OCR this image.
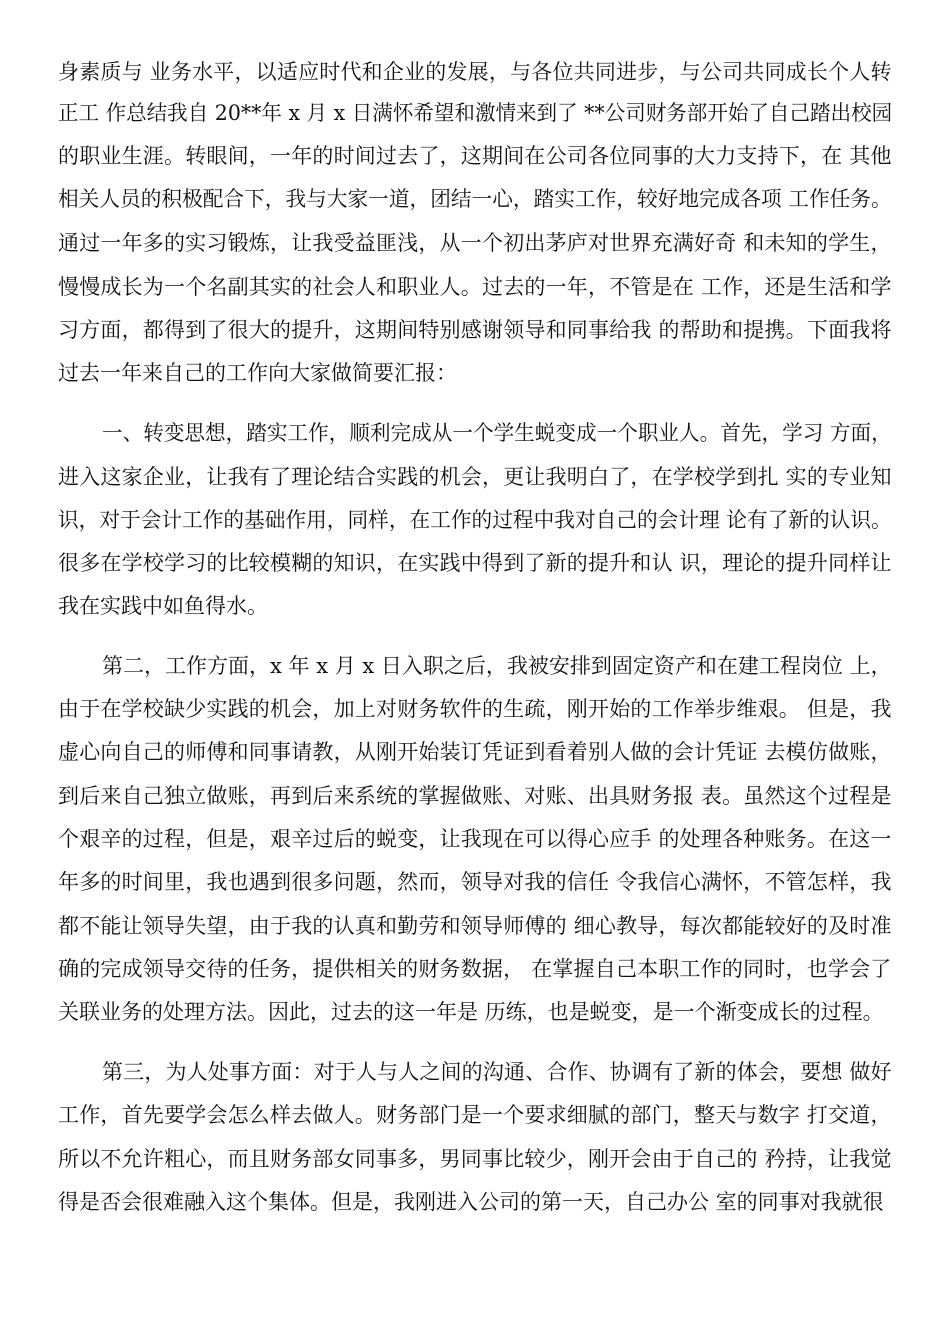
身素质与 业务水平，以适应时代和企业的发展，与各位共同进步，与公司共同成长个人转
正工 作总结我自 20**年 x 月 x 日满怀希望和激情来到了 **公司财务部开始了自己踏出校园
的职业生涯。转眼间，一年的时间过去了，这期间在公司各位同事的大力支持下，在 其他
相关人员的积极配合下，我与大家一道，团结一心，踏实工作，较好地完成各项 工作任务。
通过一年多的实习锻炼，让我受益匪浅，从一个初出茅庐对世界充满好奇 和未知的学生，
慢慢成长为一个名副其实的社会人和职业人。过去的一年，不管是在 工作，还是生活和学
习方面，都得到了很大的提升，这期间特别感谢领导和同事给我 的帮助和提携。下面我将
过去一年来自己的工作向大家做简要汇报：
一、转变思想，踏实工作，顺利完成从一个学生蜕变成一个职业人。首先，学习 方面，
进入这家企业，让我有了理论结合实践的机会，更让我明白了，在学校学到扎 实的专业知
识，对于会计工作的基础作用，同样，在工作的过程中我对自己的会计理 论有了新的认识。
很多在学校学习的比较模糊的知识，在实践中得到了新的提升和认 识，理论的提升同样让
我在实践中如鱼得水。
第二，工作方面，x 年 x 月 x 日入职之后，我被安排到固定资产和在建工程岗位 上，
由于在学校缺少实践的机会，加上对财务软件的生疏，刚开始的工作举步维艰。 但是，我
虚心向自己的师傅和同事请教，从刚开始装订凭证到看着别人做的会计凭证 去模仿做账，
到后来自己独立做账，再到后来系统的掌握做账、对账、出具财务报 表。虽然这个过程是
个艰辛的过程，但是，艰辛过后的蜕变，让我现在可以得心应手 的处理各种账务。在这一
年多的时间里，我也遇到很多问题，然而，领导对我的信任 令我信心满怀，不管怎样，我
都不能让领导失望，由于我的认真和勤劳和领导师傅的 细心教导，每次都能较好的及时准
确的完成领导交待的任务，提供相关的财务数据， 在掌握自己本职工作的同时，也学会了
关联业务的处理方法。因此，过去的这一年是 历练，也是蜕变，是一个渐变成长的过程。
第三，为人处事方面：对于人与人之间的沟通、合作、协调有了新的体会，要想 做好
工作，首先要学会怎么样去做人。财务部门是一个要求细腻的部门，整天与数字 打交道，
所以不允许粗心，而且财务部女同事多，男同事比较少，刚开会由于自己的 矜持，让我觉
得是否会很难融入这个集体。但是，我刚进入公司的第一天，自己办公 室的同事对我就很
